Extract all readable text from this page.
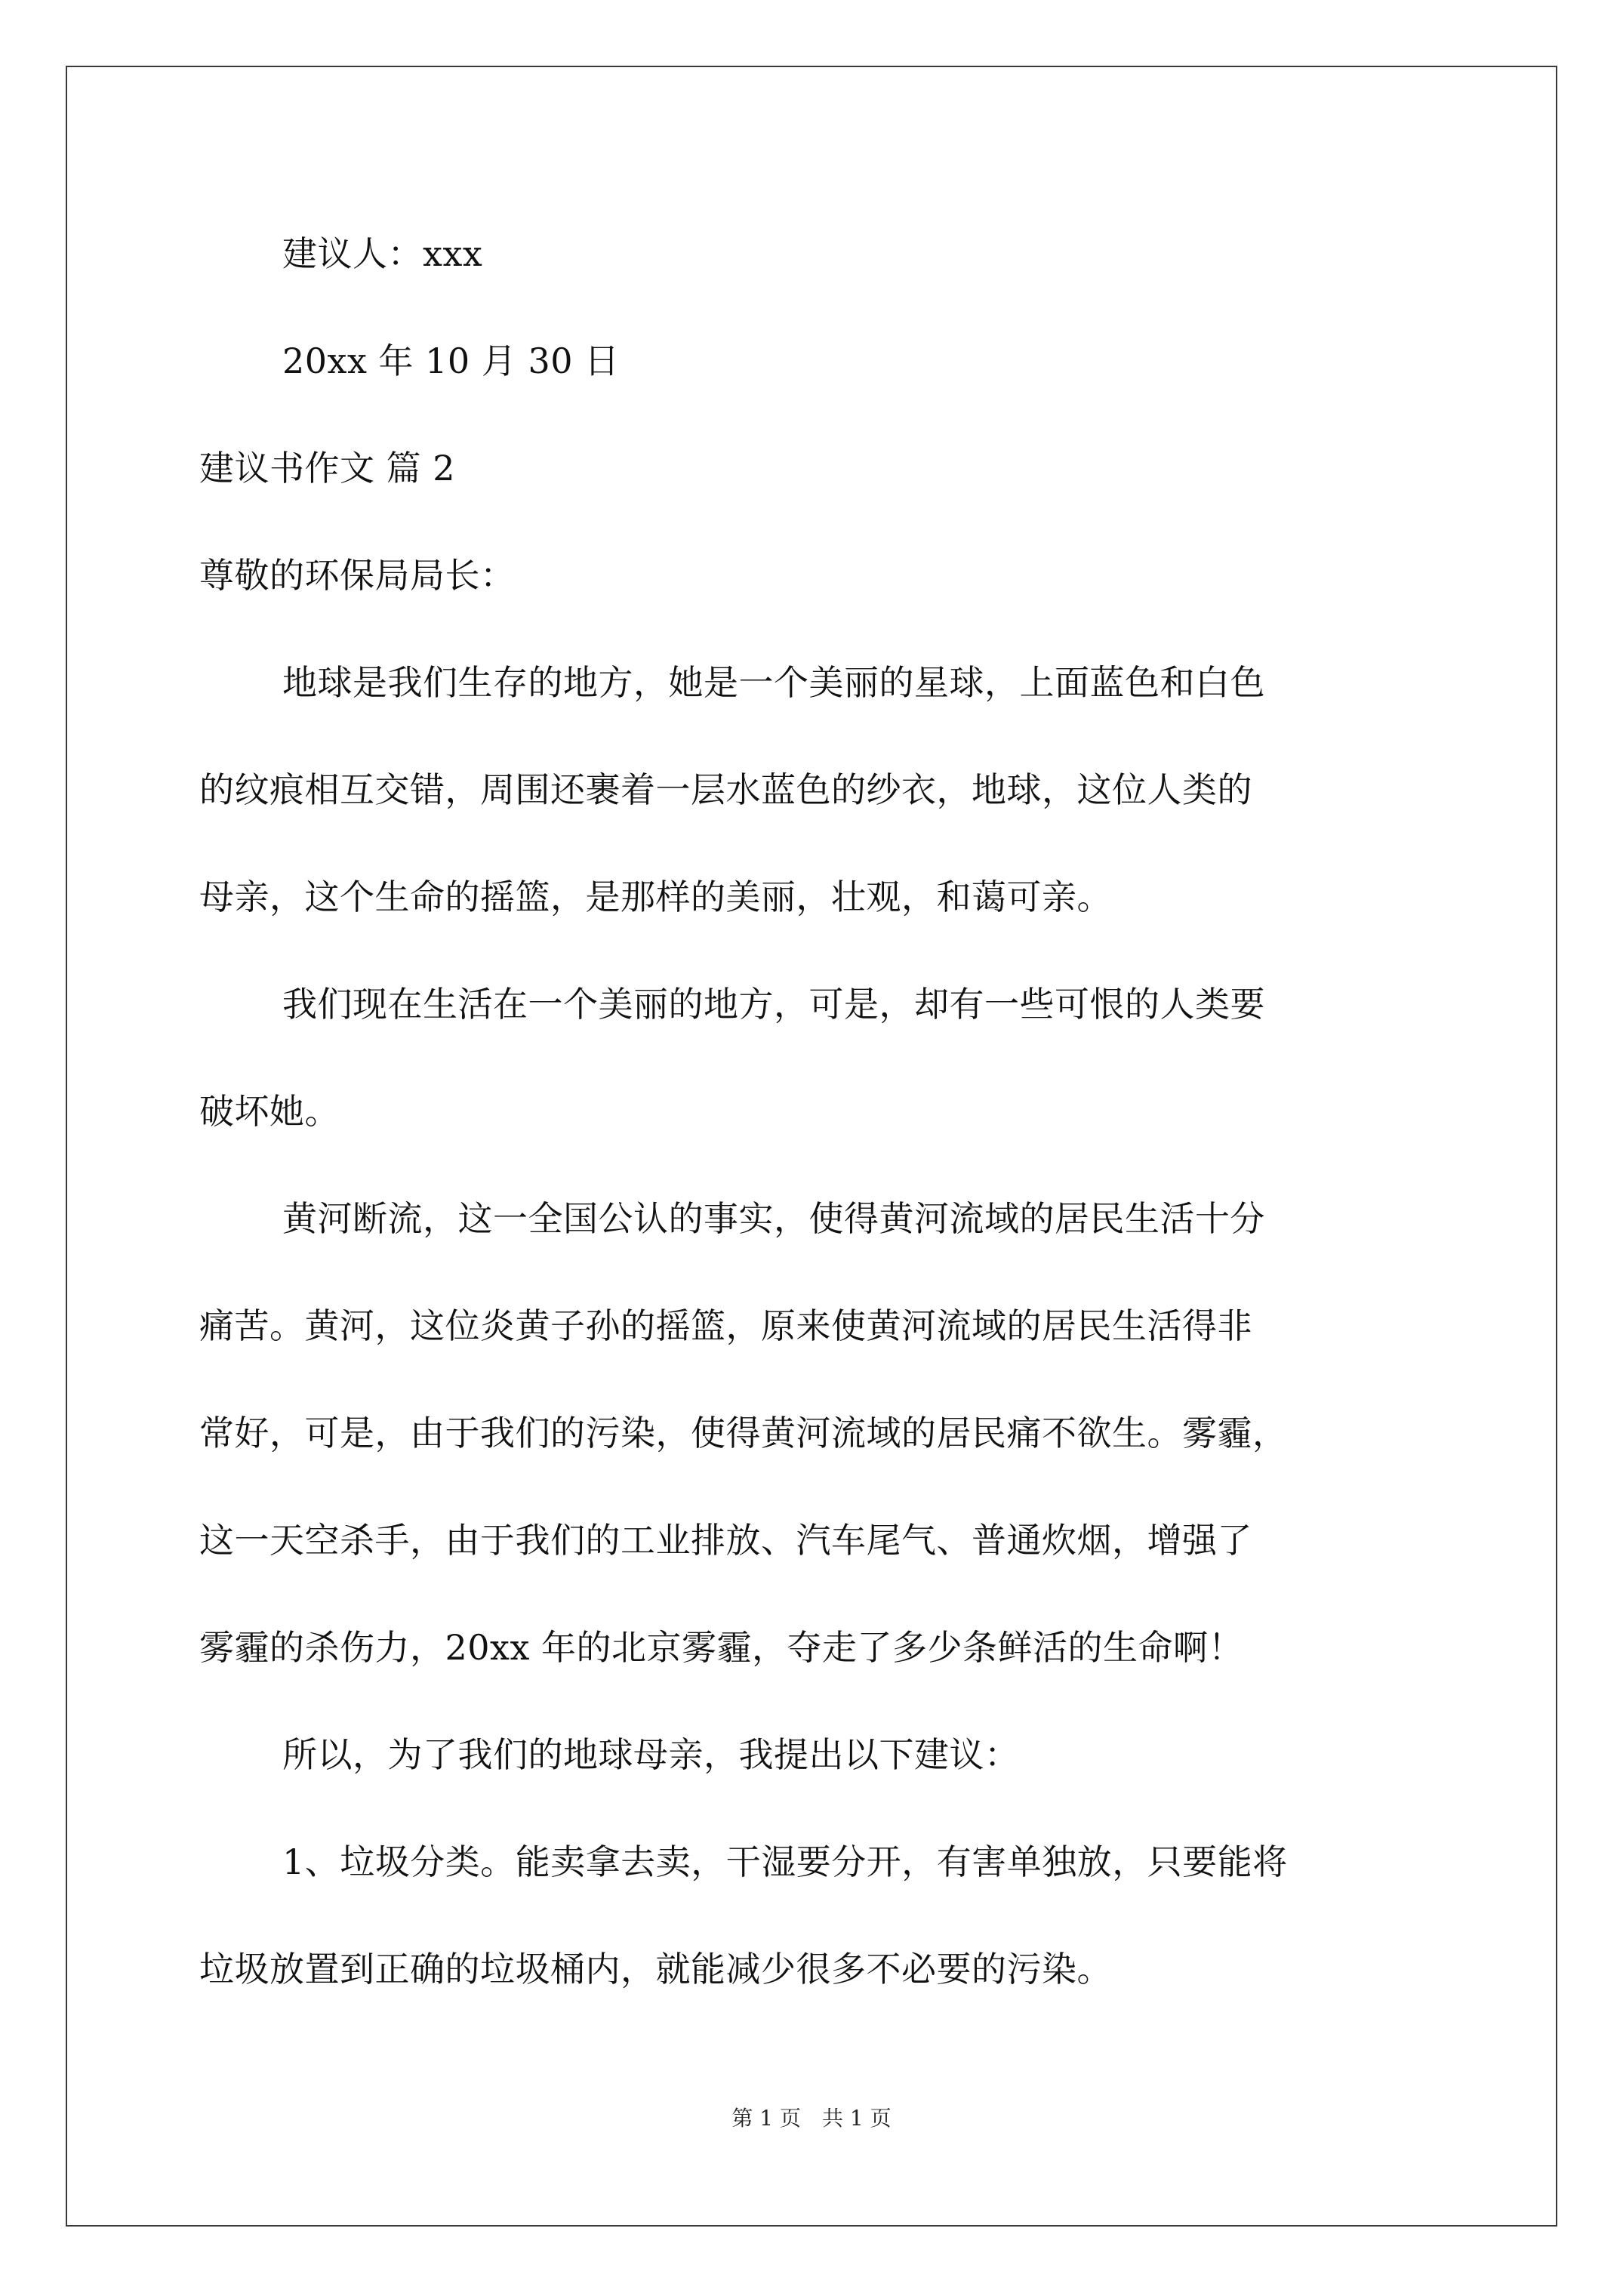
建议人：xxx
20xx 年 10 月 30 日
建议书作文 篇 2
尊敬的环保局局长：
地球是我们生存的地方，她是一个美丽的星球，上面蓝色和白色
的纹痕相互交错，周围还裹着一层水蓝色的纱衣，地球，这位人类的
母亲，这个生命的摇篮，是那样的美丽，壮观，和蔼可亲。
我们现在生活在一个美丽的地方，可是，却有一些可恨的人类要
破坏她。
黄河断流，这一全国公认的事实，使得黄河流域的居民生活十分
痛苦。黄河，这位炎黄子孙的摇篮，原来使黄河流域的居民生活得非
常好，可是，由于我们的污染，使得黄河流域的居民痛不欲生。雾霾，
这一天空杀手，由于我们的工业排放、汽车尾气、普通炊烟，增强了
雾霾的杀伤力，20xx 年的北京雾霾，夺走了多少条鲜活的生命啊！
所以，为了我们的地球母亲，我提出以下建议：
1、垃圾分类。能卖拿去卖，干湿要分开，有害单独放，只要能将
垃圾放置到正确的垃圾桶内，就能减少很多不必要的污染。
第 1 页　共 1 页
